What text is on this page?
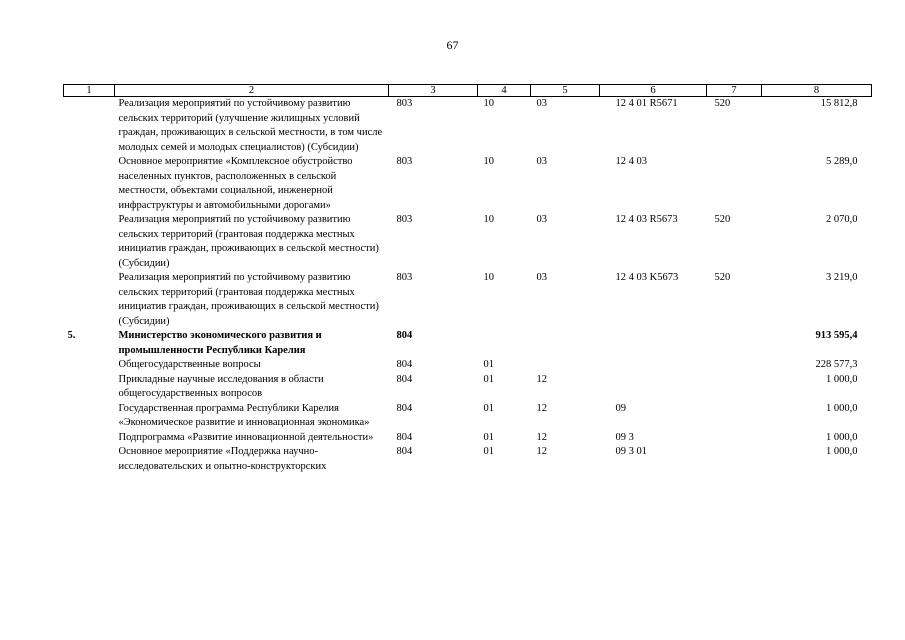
67
1	2	3	4	5	6	7	8
	Реализация мероприятий по устойчивому развитию сельских территорий (улучшение жилищных условий граждан, проживающих в сельской местности, в том числе молодых семей и молодых специалистов) (Субсидии)	803	10	03	12 4 01 R5671	520	15 812,8
	Основное мероприятие «Комплексное обустройство населенных пунктов, расположенных в сельской местности, объектами социальной, инженерной инфраструктуры и автомобильными дорогами»	803	10	03	12 4 03		5 289,0
	Реализация мероприятий по устойчивому развитию сельских территорий (грантовая поддержка местных инициатив граждан, проживающих в сельской местности) (Субсидии)	803	10	03	12 4 03 R5673	520	2 070,0
	Реализация мероприятий по устойчивому развитию сельских территорий (грантовая поддержка местных инициатив граждан, проживающих в сельской местности) (Субсидии)	803	10	03	12 4 03 K5673	520	3 219,0
5.	Министерство экономического развития и промышленности Республики Карелия	804					913 595,4
	Общегосударственные вопросы	804	01				228 577,3
	Прикладные научные исследования в области общегосударственных вопросов	804	01	12			1 000,0
	Государственная программа Республики Карелия «Экономическое развитие и инновационная экономика»	804	01	12	09		1 000,0
	Подпрограмма «Развитие инновационной деятельности»	804	01	12	09 3		1 000,0
	Основное мероприятие «Поддержка научно-исследовательских и опытно-конструкторских	804	01	12	09 3 01		1 000,0
